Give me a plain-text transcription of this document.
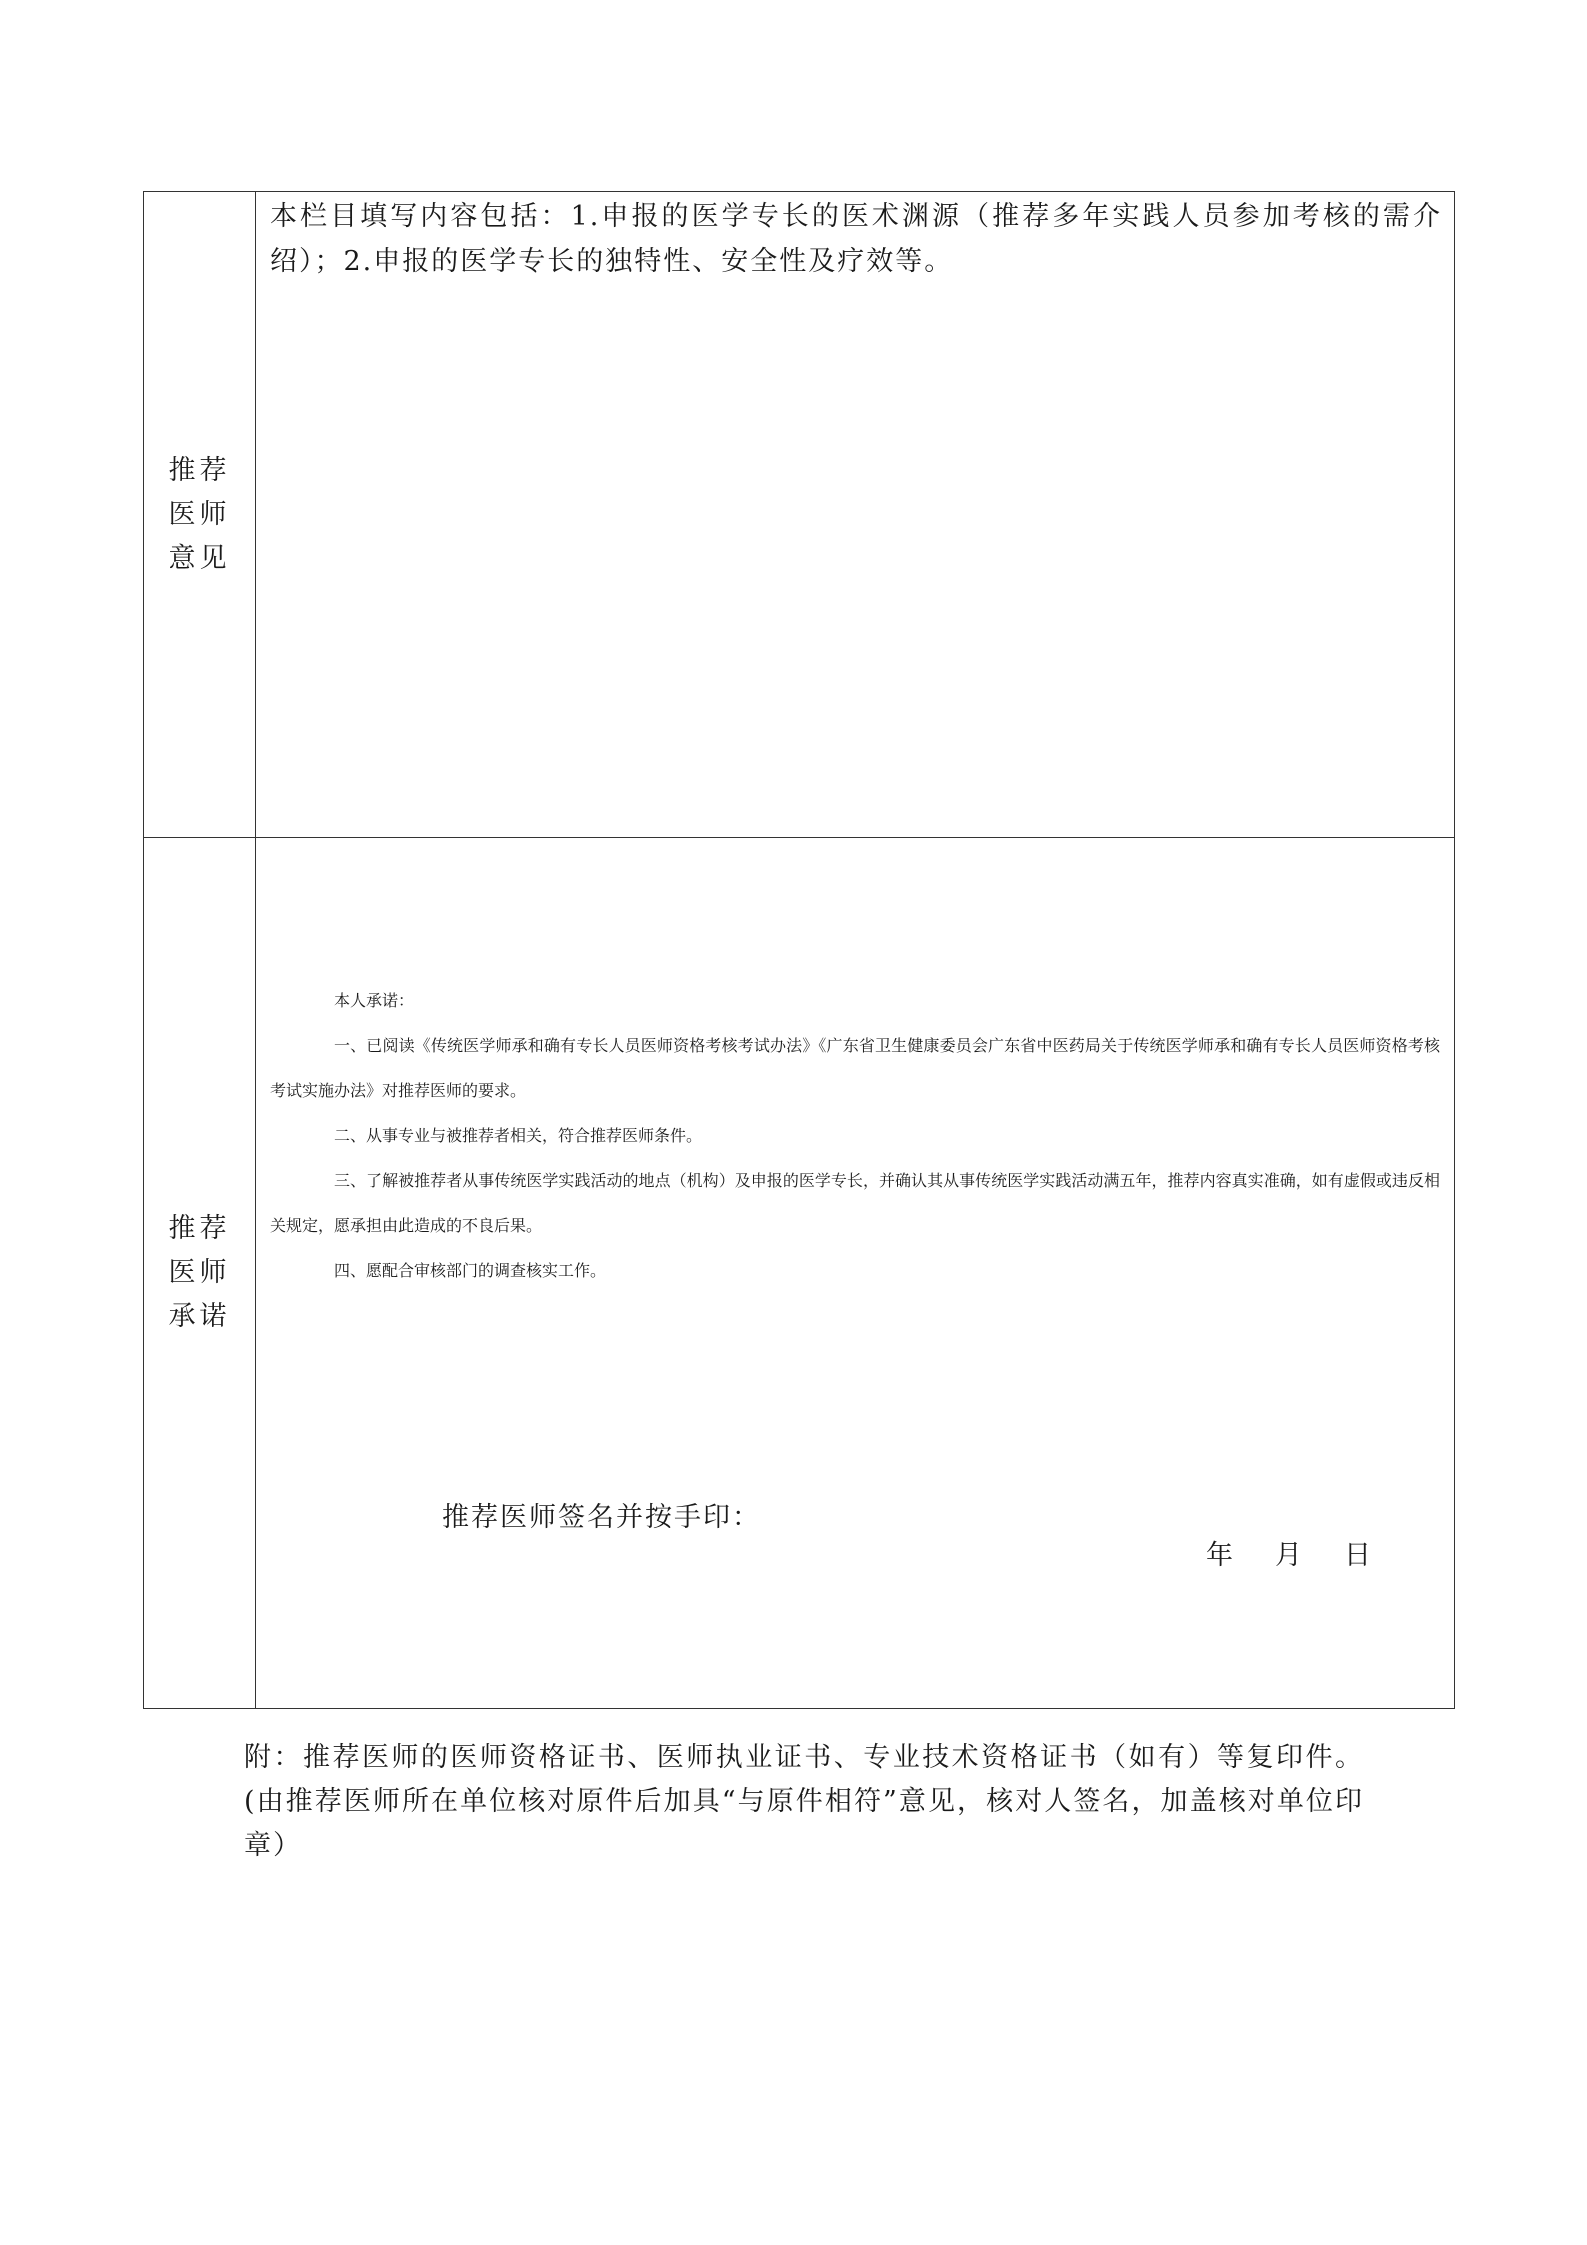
推荐医师意见

本栏目填写内容包括：1.申报的医学专长的医术渊源（推荐多年实践人员参加考核的需介绍）；2.申报的医学专长的独特性、安全性及疗效等。

推荐医师承诺

本人承诺：

一、已阅读《传统医学师承和确有专长人员医师资格考核考试办法》《广东省卫生健康委员会广东省中医药局关于传统医学师承和确有专长人员医师资格考核考试实施办法》对推荐医师的要求。

二、从事专业与被推荐者相关，符合推荐医师条件。

三、了解被推荐者从事传统医学实践活动的地点（机构）及申报的医学专长，并确认其从事传统医学实践活动满五年，推荐内容真实准确，如有虚假或违反相关规定，愿承担由此造成的不良后果。

四、愿配合审核部门的调查核实工作。

推荐医师签名并按手印：
年 月 日

附：推荐医师的医师资格证书、医师执业证书、专业技术资格证书（如有）等复印件。(由推荐医师所在单位核对原件后加具“与原件相符”意见，核对人签名，加盖核对单位印章）
